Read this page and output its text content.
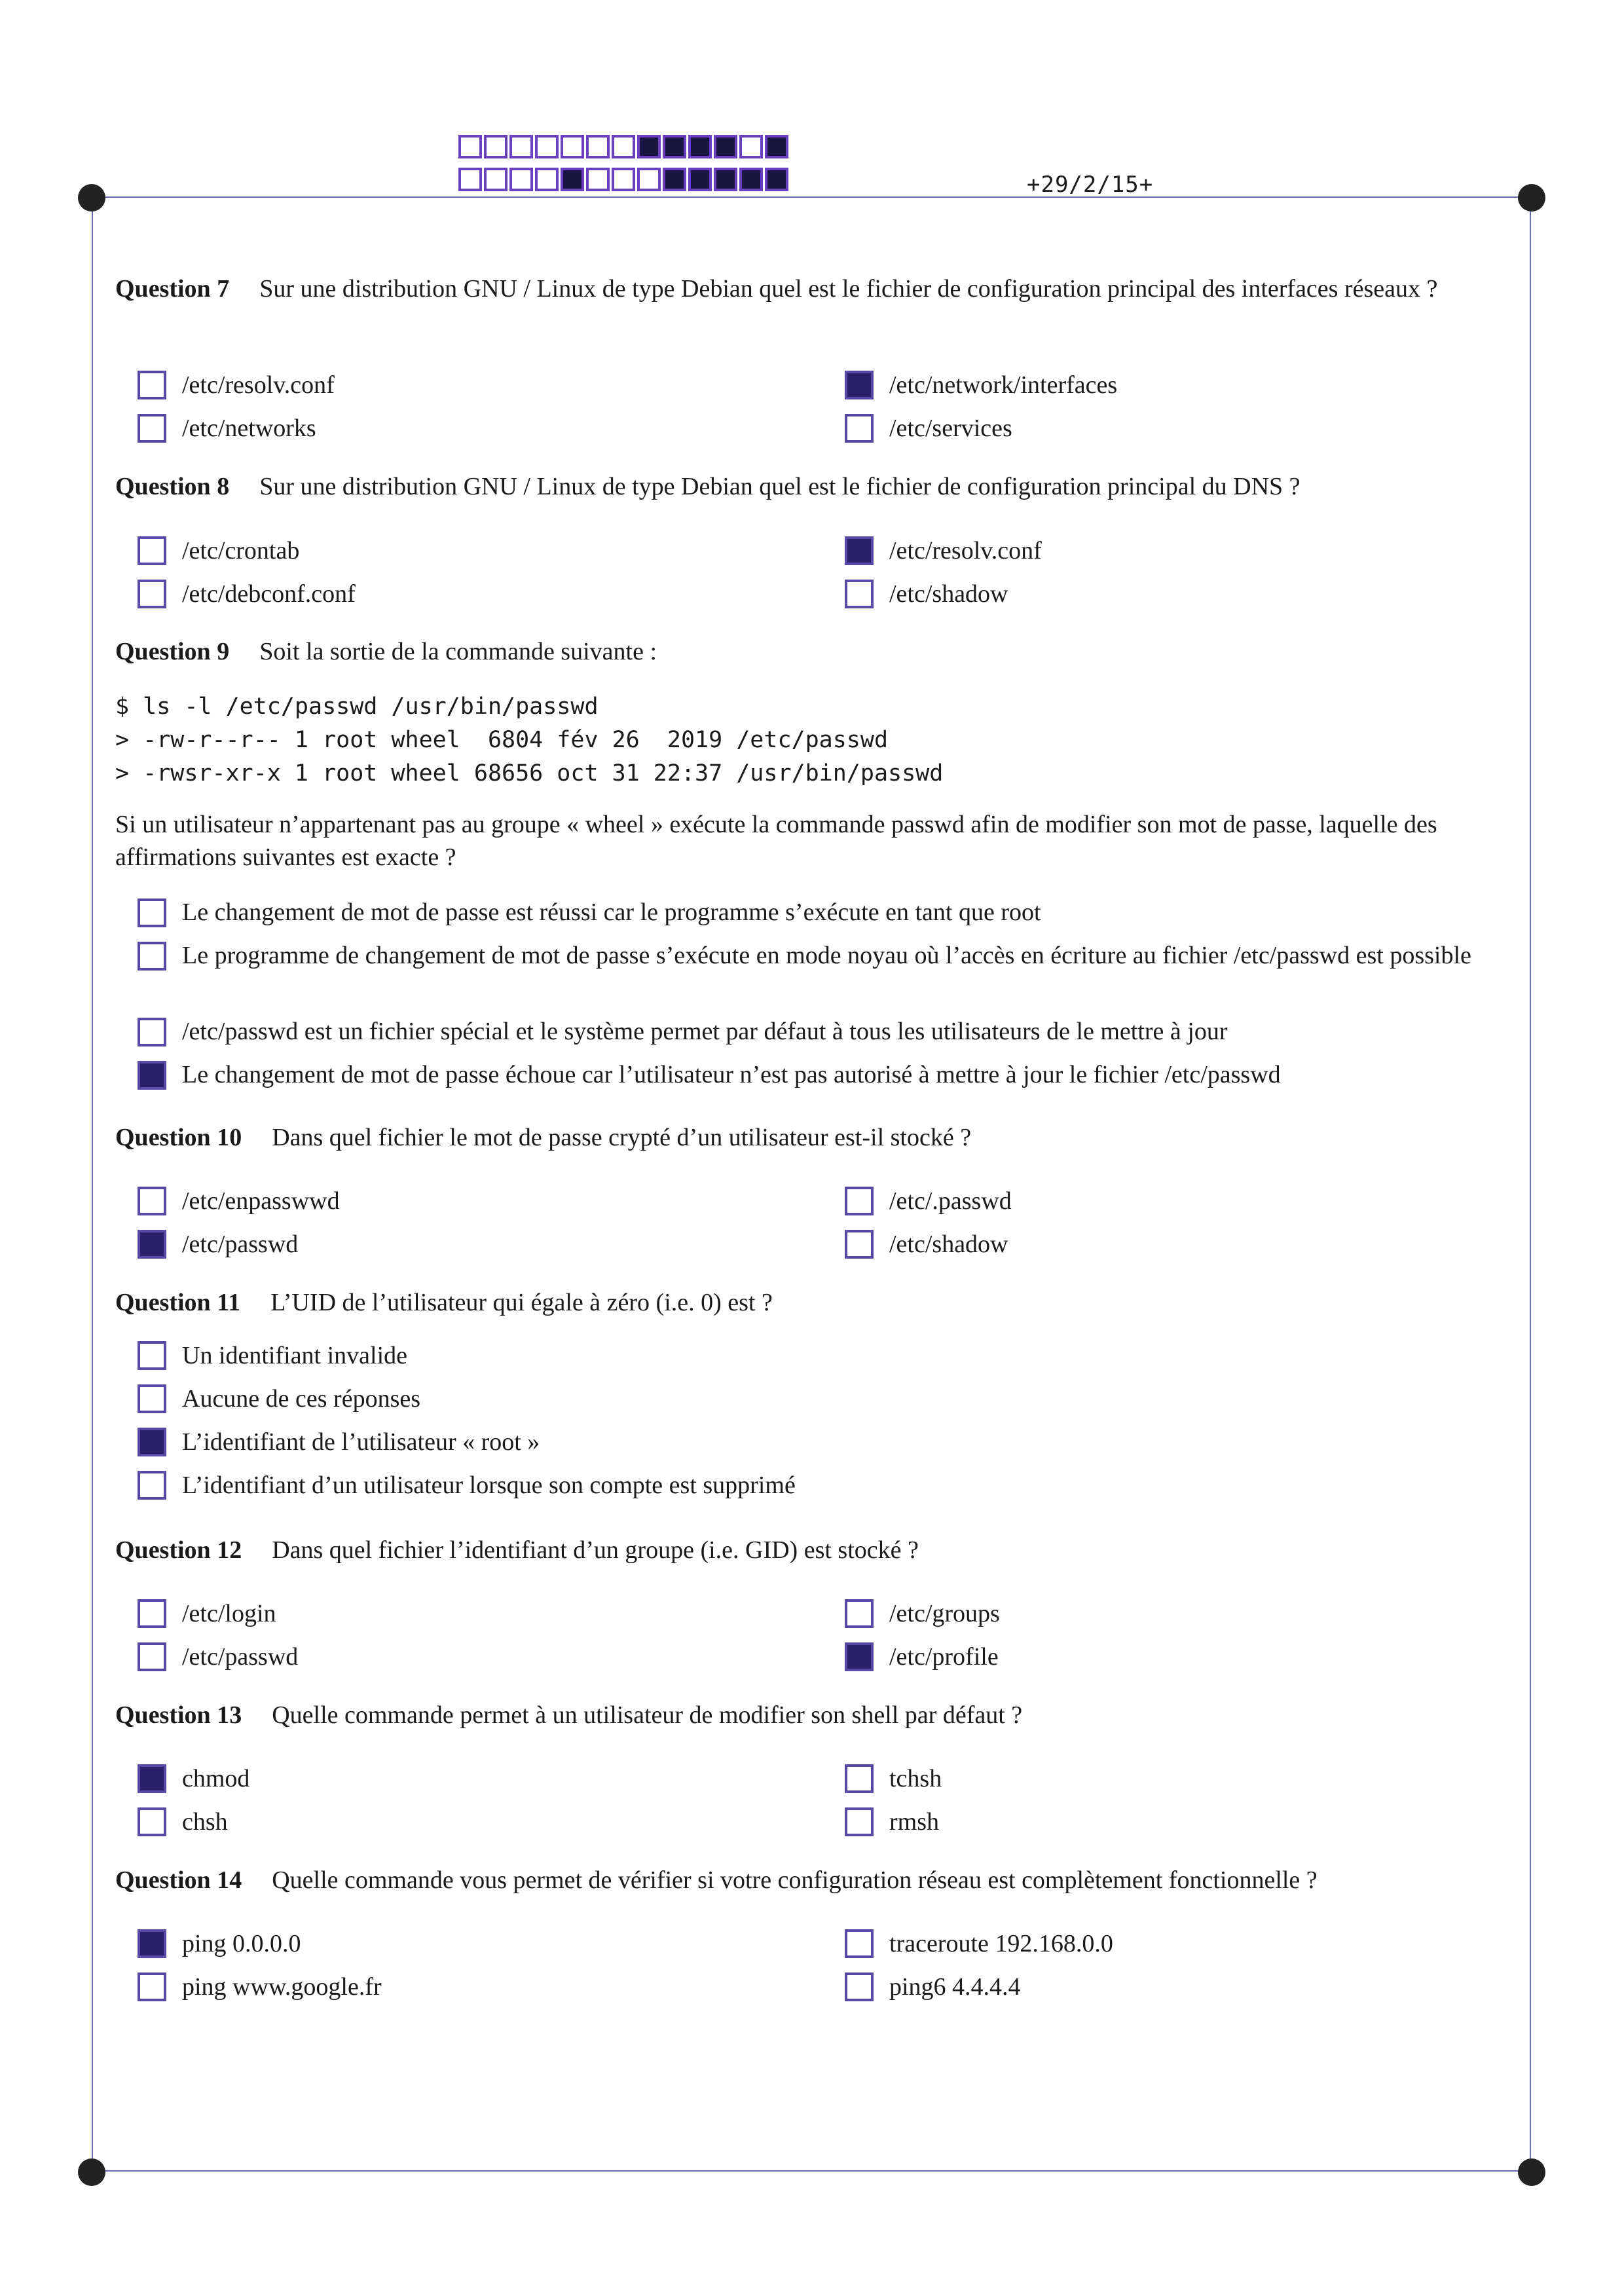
+29/2/15+
Question 7 Sur une distribution GNU / Linux de type Debian quel est le fichier de configuration principal des interfaces réseaux ?
/etc/resolv.conf	/etc/network/interfaces
/etc/networks	/etc/services
Question 8 Sur une distribution GNU / Linux de type Debian quel est le fichier de configuration principal du DNS ?
/etc/crontab	/etc/resolv.conf
/etc/debconf.conf	/etc/shadow
Question 9 Soit la sortie de la commande suivante :
$ ls -l /etc/passwd /usr/bin/passwd
> -rw-r--r-- 1 root wheel  6804 fév 26  2019 /etc/passwd
> -rwsr-xr-x 1 root wheel 68656 oct 31 22:37 /usr/bin/passwd
Si un utilisateur n’appartenant pas au groupe « wheel » exécute la commande passwd afin de modifier son mot de passe, laquelle des affirmations suivantes est exacte ?
Le changement de mot de passe est réussi car le programme s’exécute en tant que root
Le programme de changement de mot de passe s’exécute en mode noyau où l’accès en écriture au fichier /etc/passwd est possible
/etc/passwd est un fichier spécial et le système permet par défaut à tous les utilisateurs de le mettre à jour
Le changement de mot de passe échoue car l’utilisateur n’est pas autorisé à mettre à jour le fichier /etc/passwd
Question 10 Dans quel fichier le mot de passe crypté d’un utilisateur est-il stocké ?
/etc/enpasswwd	/etc/.passwd
/etc/passwd	/etc/shadow
Question 11 L’UID de l’utilisateur qui égale à zéro (i.e. 0) est ?
Un identifiant invalide
Aucune de ces réponses
L’identifiant de l’utilisateur « root »
L’identifiant d’un utilisateur lorsque son compte est supprimé
Question 12 Dans quel fichier l’identifiant d’un groupe (i.e. GID) est stocké ?
/etc/login	/etc/groups
/etc/passwd	/etc/profile
Question 13 Quelle commande permet à un utilisateur de modifier son shell par défaut ?
chmod	tchsh
chsh	rmsh
Question 14 Quelle commande vous permet de vérifier si votre configuration réseau est complètement fonctionnelle ?
ping 0.0.0.0	traceroute 192.168.0.0
ping www.google.fr	ping6 4.4.4.4
